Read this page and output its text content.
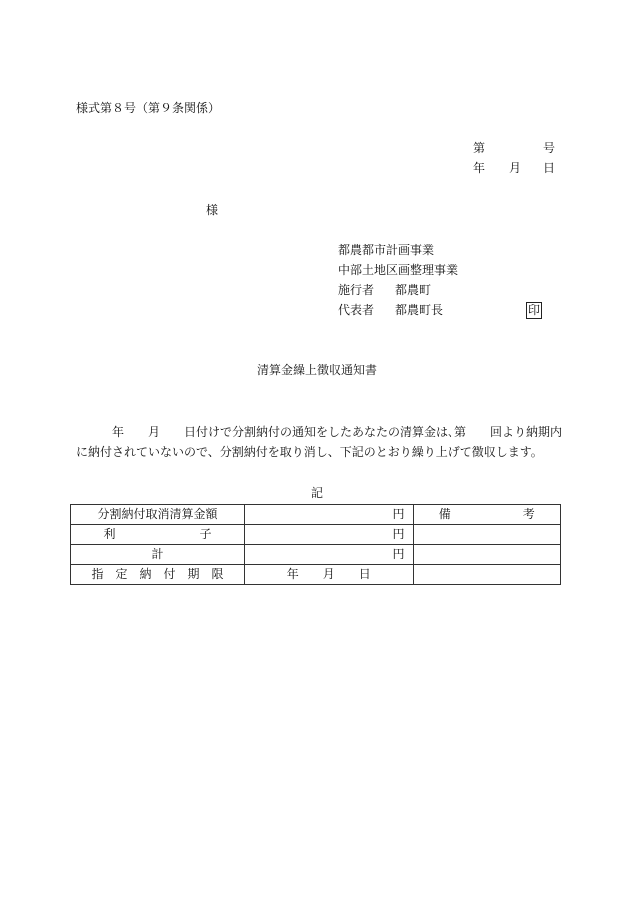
様式第８号（第９条関係）
第	号
年 月 日
様
都農都市計画事業
中部土地区画整理事業
施行者 都農町
代表者 都農町長	印
清算金繰上徴収通知書
年　　月　　日付けで分割納付の通知をしたあなたの清算金は､第　　回より納期内
に納付されていないので、分割納付を取り消し、下記のとおり繰り上げて徴収します。
記
分割納付取消清算金額	円	備　　　　　　考
利　　　　　　　子	円	

計	円	

指　定　納　付　期　限	年　　月　　日	
